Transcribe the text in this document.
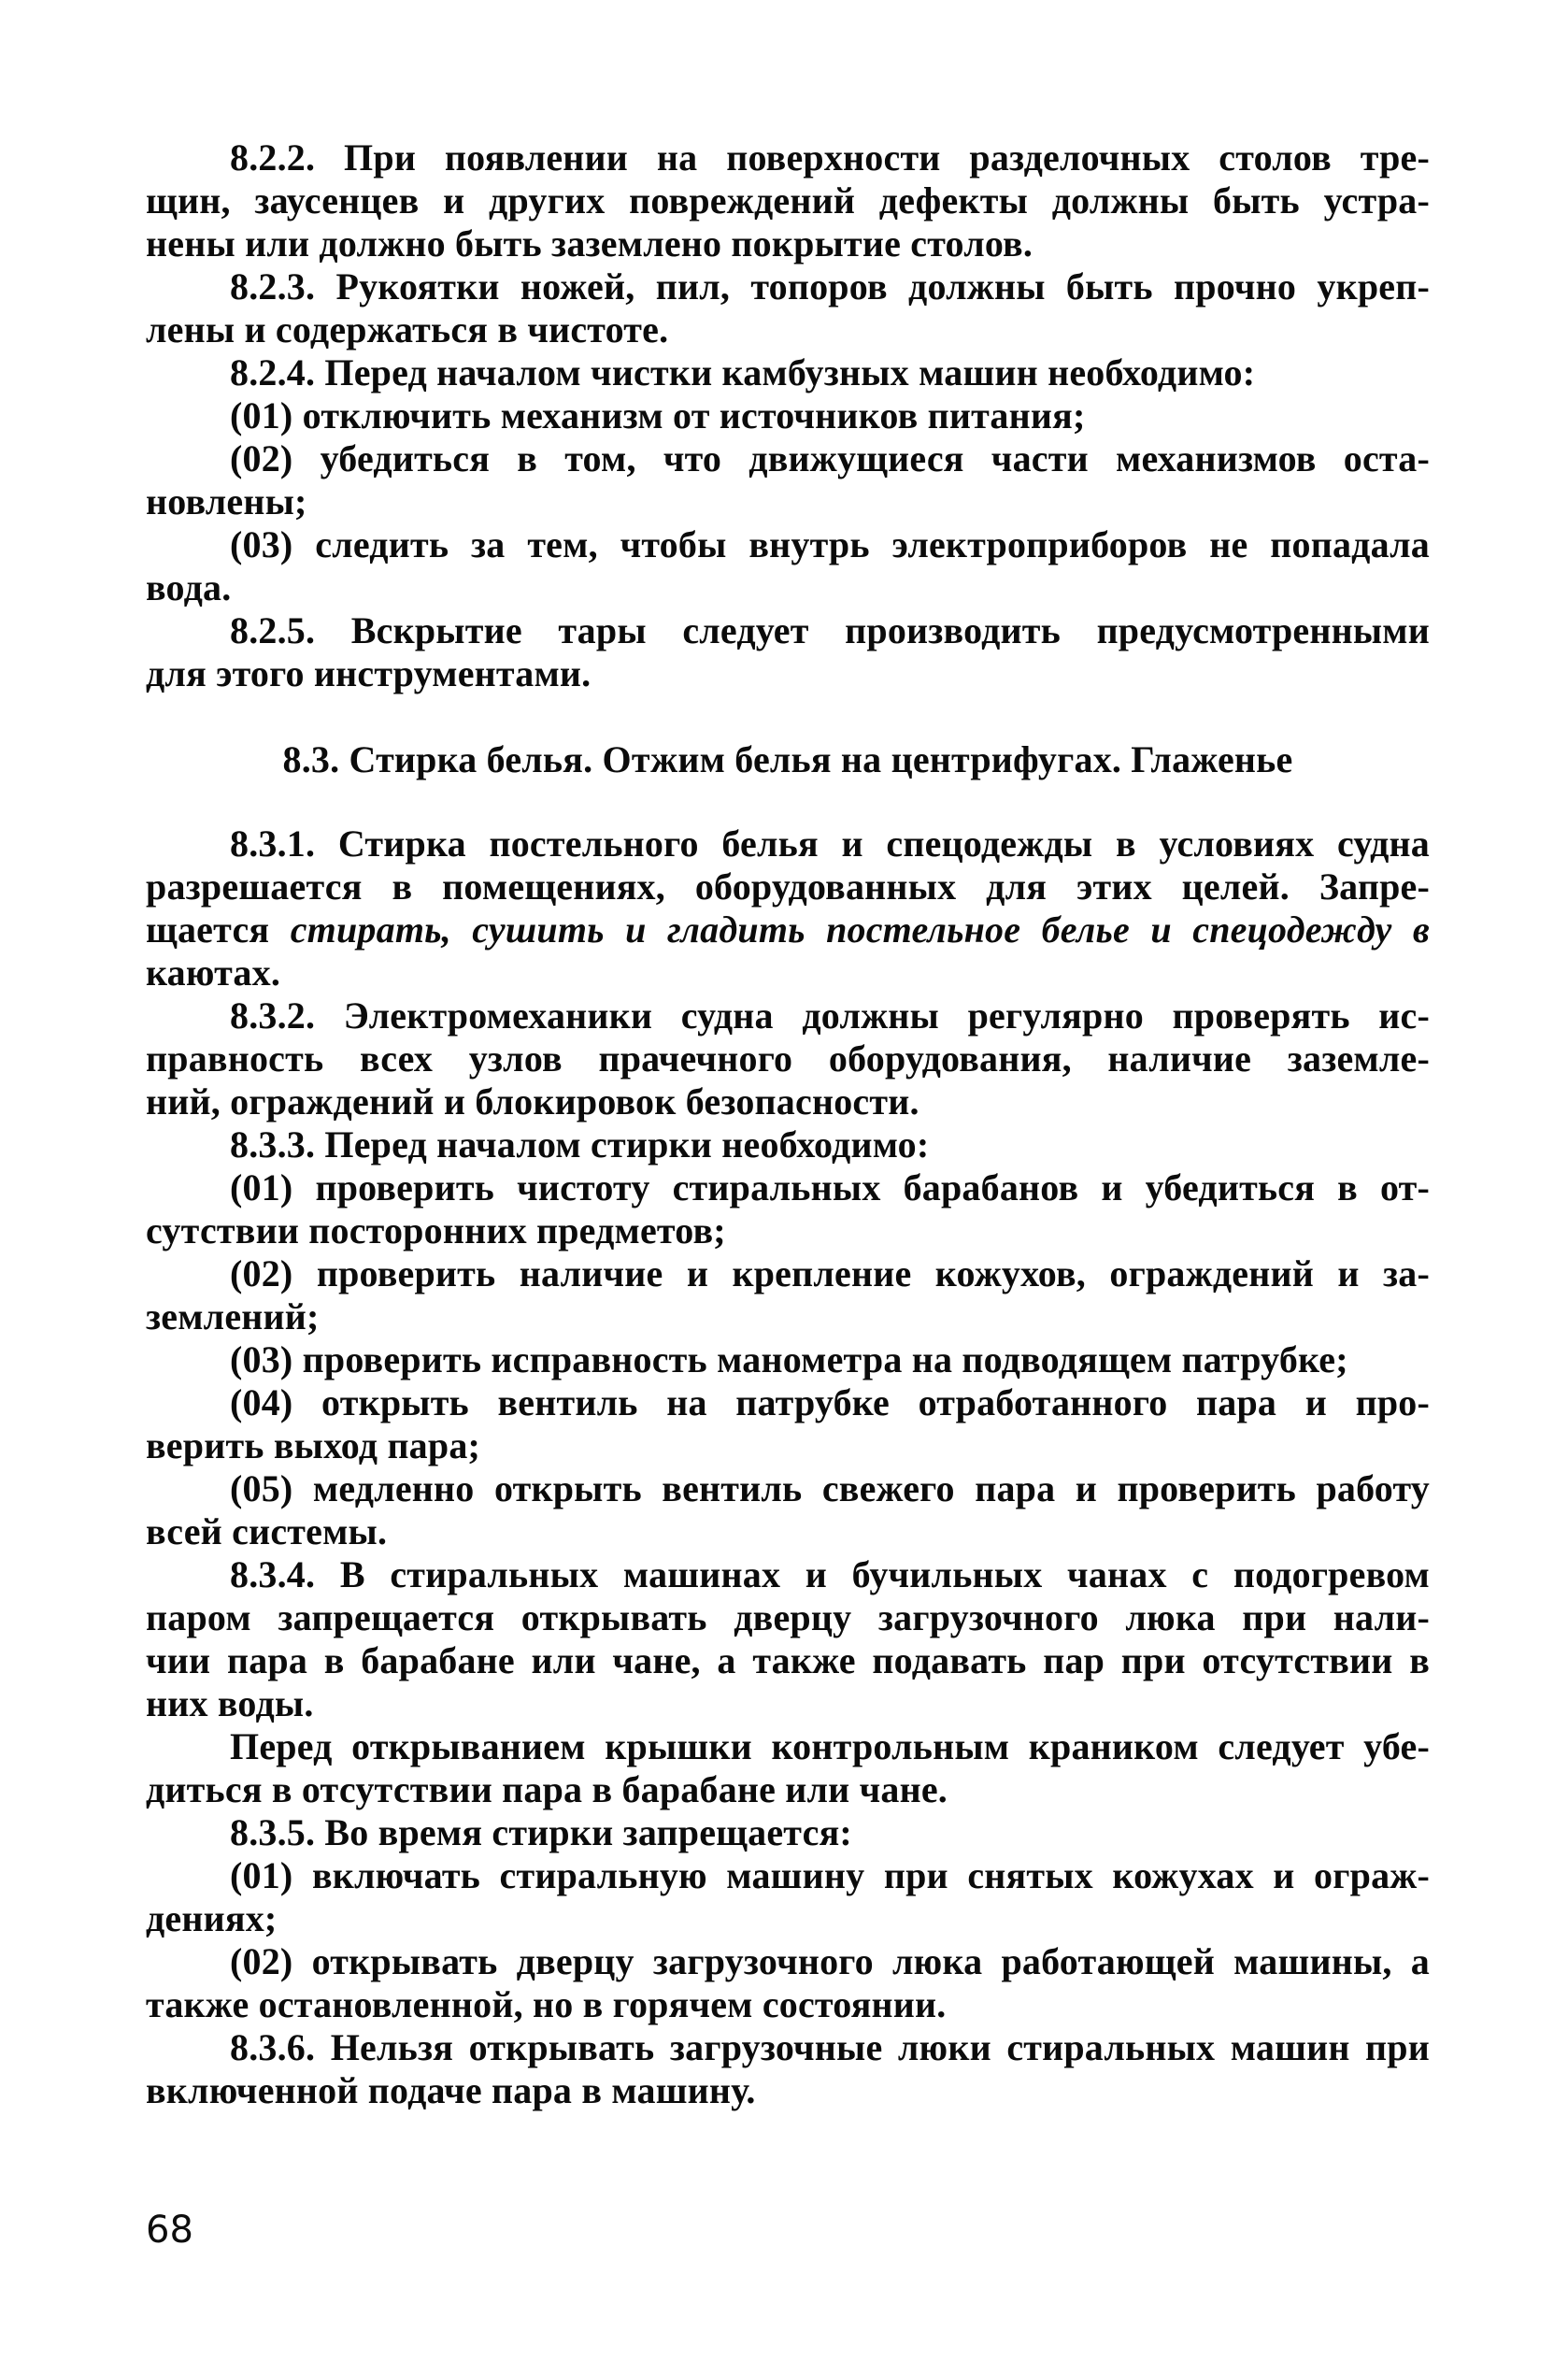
8.2.2. При появлении на поверхности разделочных столов тре-
щин, заусенцев и других повреждений дефекты должны быть устра-
нены или должно быть заземлено покрытие столов.
8.2.3. Рукоятки ножей, пил, топоров должны быть прочно укреп-
лены и содержаться в чистоте.
8.2.4. Перед началом чистки камбузных машин необходимо:
(01) отключить механизм от источников питания;
(02) убедиться в том, что движущиеся части механизмов оста-
новлены;
(03) следить за тем, чтобы внутрь электроприборов не попадала
вода.
8.2.5. Вскрытие тары следует производить предусмотренными
для этого инструментами.
8.3. Стирка белья. Отжим белья на центрифугах. Глаженье
8.3.1. Стирка постельного белья и спецодежды в условиях судна
разрешается в помещениях, оборудованных для этих целей. Запре-
щается стирать, сушить и гладить постельное белье и спецодежду в
каютах.
8.3.2. Электромеханики судна должны регулярно проверять ис-
правность всех узлов прачечного оборудования, наличие заземле-
ний, ограждений и блокировок безопасности.
8.3.3. Перед началом стирки необходимо:
(01) проверить чистоту стиральных барабанов и убедиться в от-
сутствии посторонних предметов;
(02) проверить наличие и крепление кожухов, ограждений и за-
землений;
(03) проверить исправность манометра на подводящем патрубке;
(04) открыть вентиль на патрубке отработанного пара и про-
верить выход пара;
(05) медленно открыть вентиль свежего пара и проверить работу
всей системы.
8.3.4. В стиральных машинах и бучильных чанах с подогревом
паром запрещается открывать дверцу загрузочного люка при нали-
чии пара в барабане или чане, а также подавать пар при отсутствии в
них воды.
Перед открыванием крышки контрольным краником следует убе-
диться в отсутствии пара в барабане или чане.
8.3.5. Во время стирки запрещается:
(01) включать стиральную машину при снятых кожухах и ограж-
дениях;
(02) открывать дверцу загрузочного люка работающей машины, а
также остановленной, но в горячем состоянии.
8.3.6. Нельзя открывать загрузочные люки стиральных машин при
включенной подаче пара в машину.
68
